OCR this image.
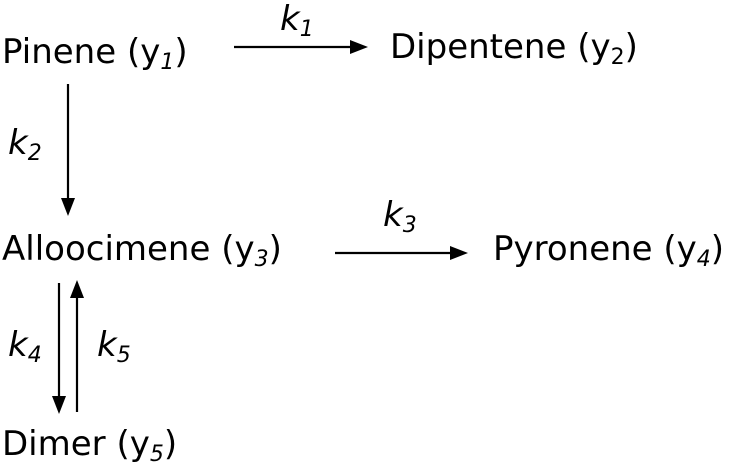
Pinene $(y_1)$	Dipentene $(y_2)$
Alloocimene $(y_3)$	Pyronene $(y_4)$
Dimer $(y_5)$
$k_1$
$k_2$
$k_3$
$k_4$ $k_5$
